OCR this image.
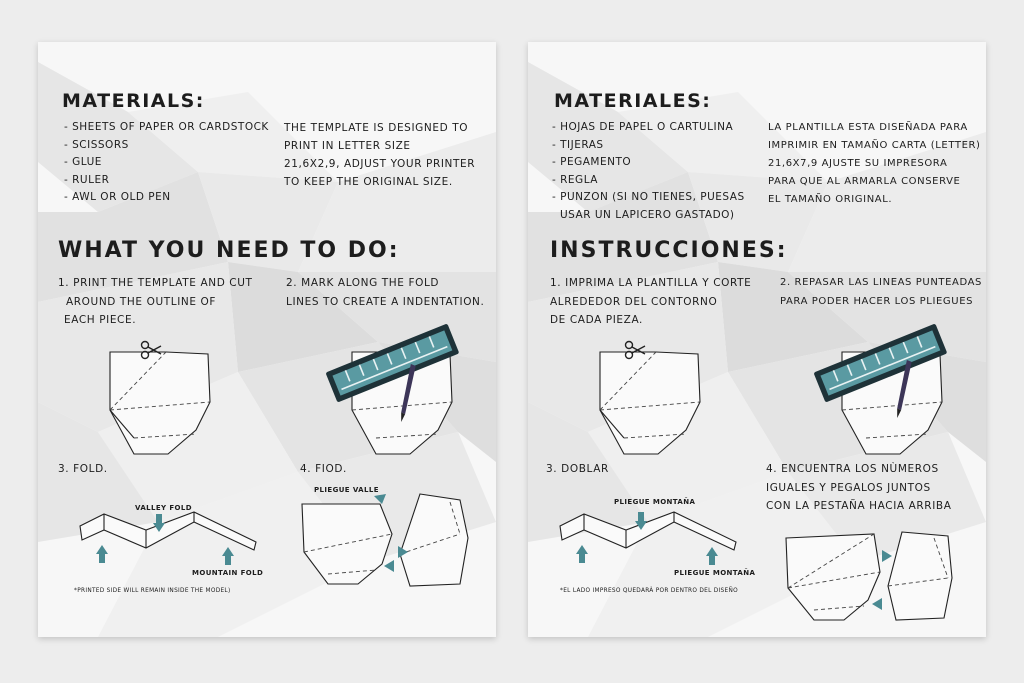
MATERIALS:
- SHEETS OF PAPER OR CARDSTOCK
- SCISSORS
- GLUE
- RULER
- AWL OR OLD PEN
THE TEMPLATE IS DESIGNED TO
PRINT IN LETTER SIZE
21,6X2,9, ADJUST YOUR PRINTER
TO KEEP THE ORIGINAL SIZE.
WHAT YOU NEED TO DO:
1. PRINT THE TEMPLATE AND CUT
AROUND THE OUTLINE OF
EACH PIECE.
2. MARK ALONG THE FOLD
LINES TO CREATE A INDENTATION.
3. FOLD.	4. FIOD.
VALLEY FOLD
MOUNTAIN FOLD
*PRINTED SIDE WILL REMAIN INSIDE THE MODEL)
PLIEGUE VALLE
MATERIALES:
- HOJAS DE PAPEL O CARTULINA
- TIJERAS
- PEGAMENTO
- REGLA
- PUNZON (SI NO TIENES, PUESAS
USAR UN LAPICERO GASTADO)
LA PLANTILLA ESTA DISEÑADA PARA
IMPRIMIR EN TAMAÑO CARTA (LETTER)
21,6X7,9 AJUSTE SU IMPRESORA
PARA QUE AL ARMARLA CONSERVE
EL TAMAÑO ORIGINAL.
INSTRUCCIONES:
1. IMPRIMA LA PLANTILLA Y CORTE
ALREDEDOR DEL CONTORNO
DE CADA PIEZA.
2. REPASAR LAS LINEAS PUNTEADAS
PARA PODER HACER LOS PLIEGUES
3. DOBLAR	4. ENCUENTRA LOS NÙMEROS
IGUALES Y PEGALOS JUNTOS
CON LA PESTAÑA HACIA ARRIBA
PLIEGUE MONTAÑA
PLIEGUE MONTAÑA
*EL LADO IMPRESO QUEDARÀ POR DENTRO DEL DISEÑO
